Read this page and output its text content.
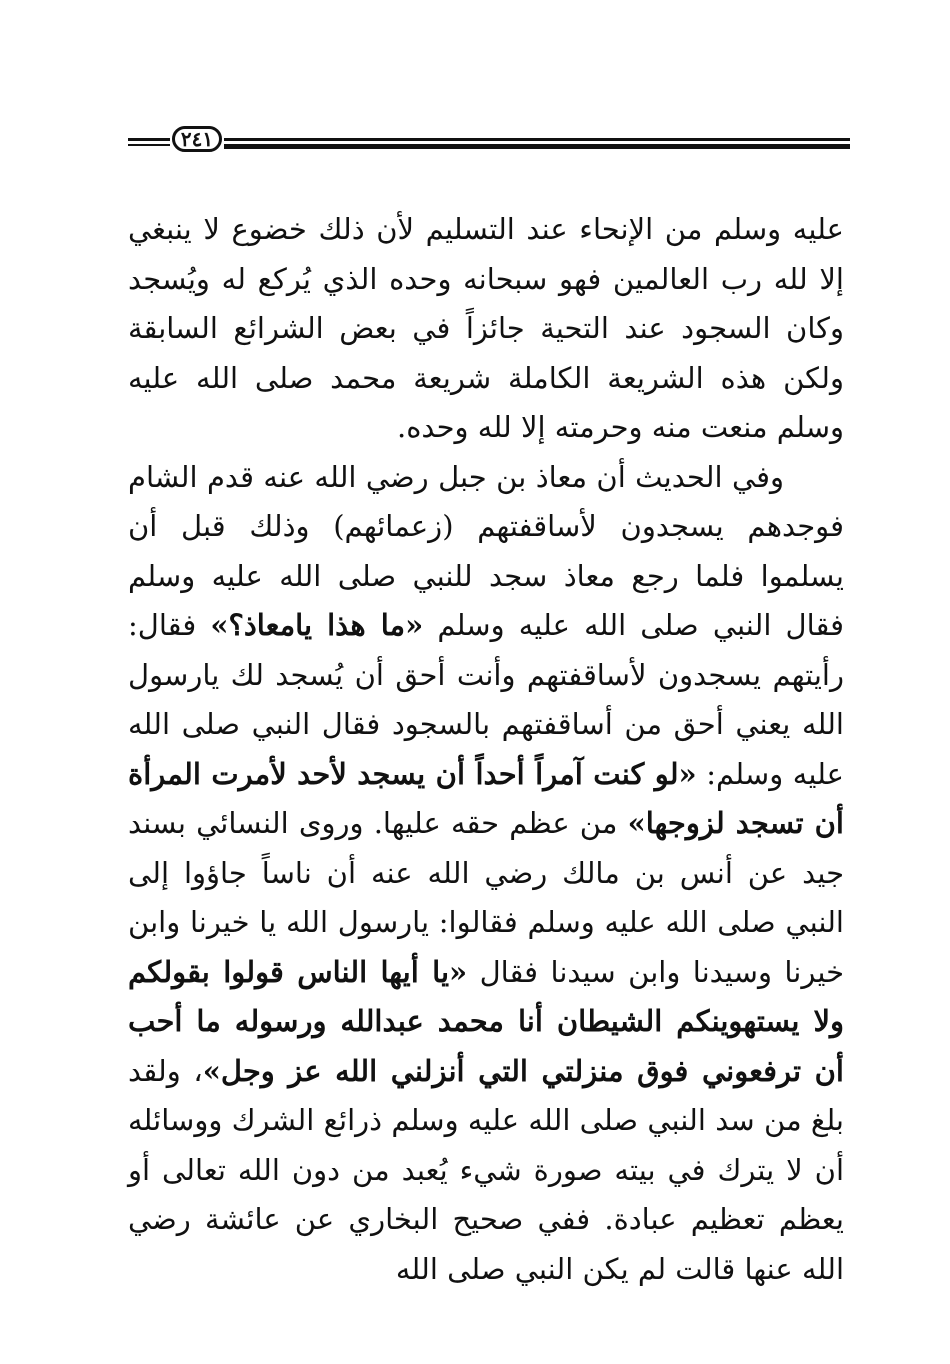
٢٤١

عليه وسلم من الإنحاء عند التسليم لأن ذلك خضوع لا ينبغي إلا لله رب العالمين فهو سبحانه وحده الذي يُركع له ويُسجد وكان السجود عند التحية جائزاً في بعض الشرائع السابقة ولكن هذه الشريعة الكاملة شريعة محمد صلى الله عليه وسلم منعت منه وحرمته إلا لله وحده.

وفي الحديث أن معاذ بن جبل رضي الله عنه قدم الشام فوجدهم يسجدون لأساقفتهم (زعمائهم) وذلك قبل أن يسلموا فلما رجع معاذ سجد للنبي صلى الله عليه وسلم فقال النبي صلى الله عليه وسلم «ما هذا يامعاذ؟» فقال: رأيتهم يسجدون لأساقفتهم وأنت أحق أن يُسجد لك يارسول الله يعني أحق من أساقفتهم بالسجود فقال النبي صلى الله عليه وسلم: «لو كنت آمراً أحداً أن يسجد لأحد لأمرت المرأة أن تسجد لزوجها» من عظم حقه عليها. وروى النسائي بسند جيد عن أنس بن مالك رضي الله عنه أن ناساً جاؤوا إلى النبي صلى الله عليه وسلم فقالوا: يارسول الله يا خيرنا وابن خيرنا وسيدنا وابن سيدنا فقال «يا أيها الناس قولوا بقولكم ولا يستهوينكم الشيطان أنا محمد عبدالله ورسوله ما أحب أن ترفعوني فوق منزلتي التي أنزلني الله عز وجل»، ولقد بلغ من سد النبي صلى الله عليه وسلم ذرائع الشرك ووسائله أن لا يترك في بيته صورة شيء يُعبد من دون الله تعالى أو يعظم تعظيم عبادة. ففي صحيح البخاري عن عائشة رضي الله عنها قالت لم يكن النبي صلى الله
